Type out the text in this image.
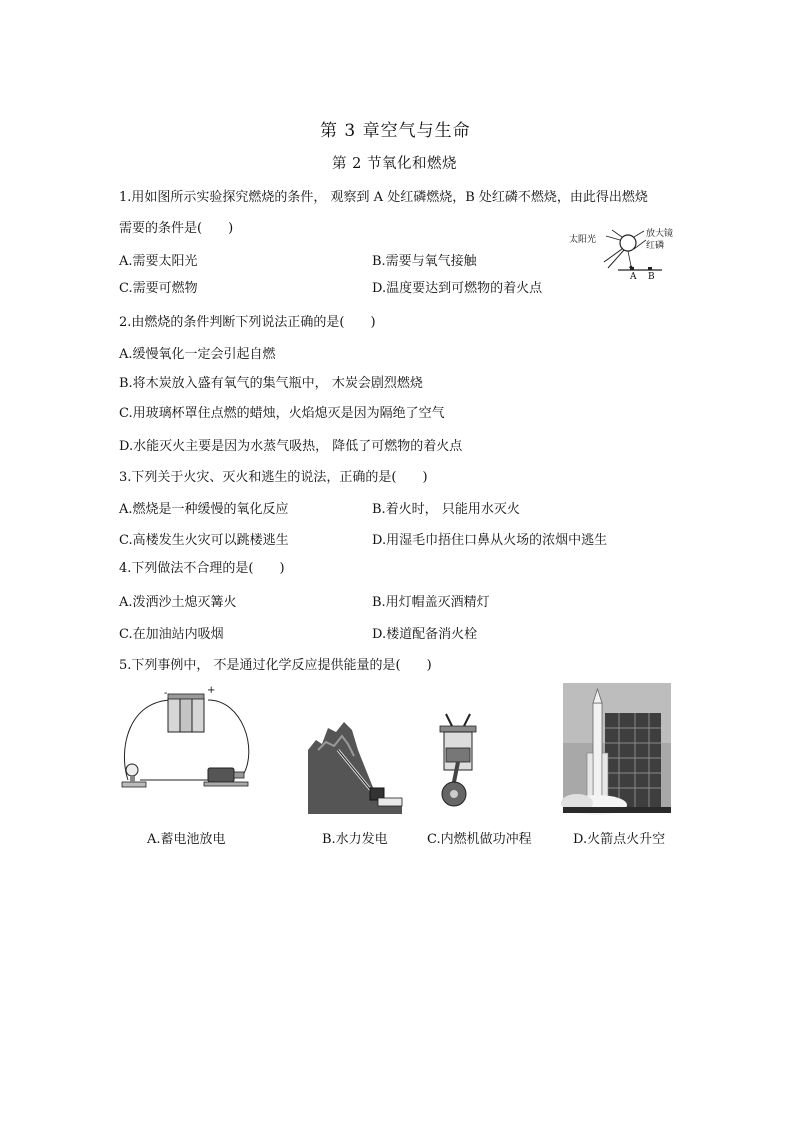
第 3 章空气与生命
第 2 节氧化和燃烧
1.用如图所示实验探究燃烧的条件， 观察到 A 处红磷燃烧，B 处红磷不燃烧，由此得出燃烧
需要的条件是(　　)
A.需要太阳光	B.需要与氧气接触
C.需要可燃物	D.温度要达到可燃物的着火点
太阳光
放大镜
红磷
A B
2.由燃烧的条件判断下列说法正确的是(　　)
A.缓慢氧化一定会引起自燃
B.将木炭放入盛有氧气的集气瓶中， 木炭会剧烈燃烧
C.用玻璃杯罩住点燃的蜡烛，火焰熄灭是因为隔绝了空气
D.水能灭火主要是因为水蒸气吸热， 降低了可燃物的着火点
3.下列关于火灾、灭火和逃生的说法，正确的是(　　)
A.燃烧是一种缓慢的氧化反应	B.着火时， 只能用水灭火
C.高楼发生火灾可以跳楼逃生	D.用湿毛巾捂住口鼻从火场的浓烟中逃生
4.下列做法不合理的是(　　)
A.泼洒沙土熄灭篝火	B.用灯帽盖灭酒精灯
C.在加油站内吸烟	D.楼道配备消火栓
5.下列事例中， 不是通过化学反应提供能量的是(　　)
-	+
A.蓄电池放电	B.水力发电	C.内燃机做功冲程	D.火箭点火升空
